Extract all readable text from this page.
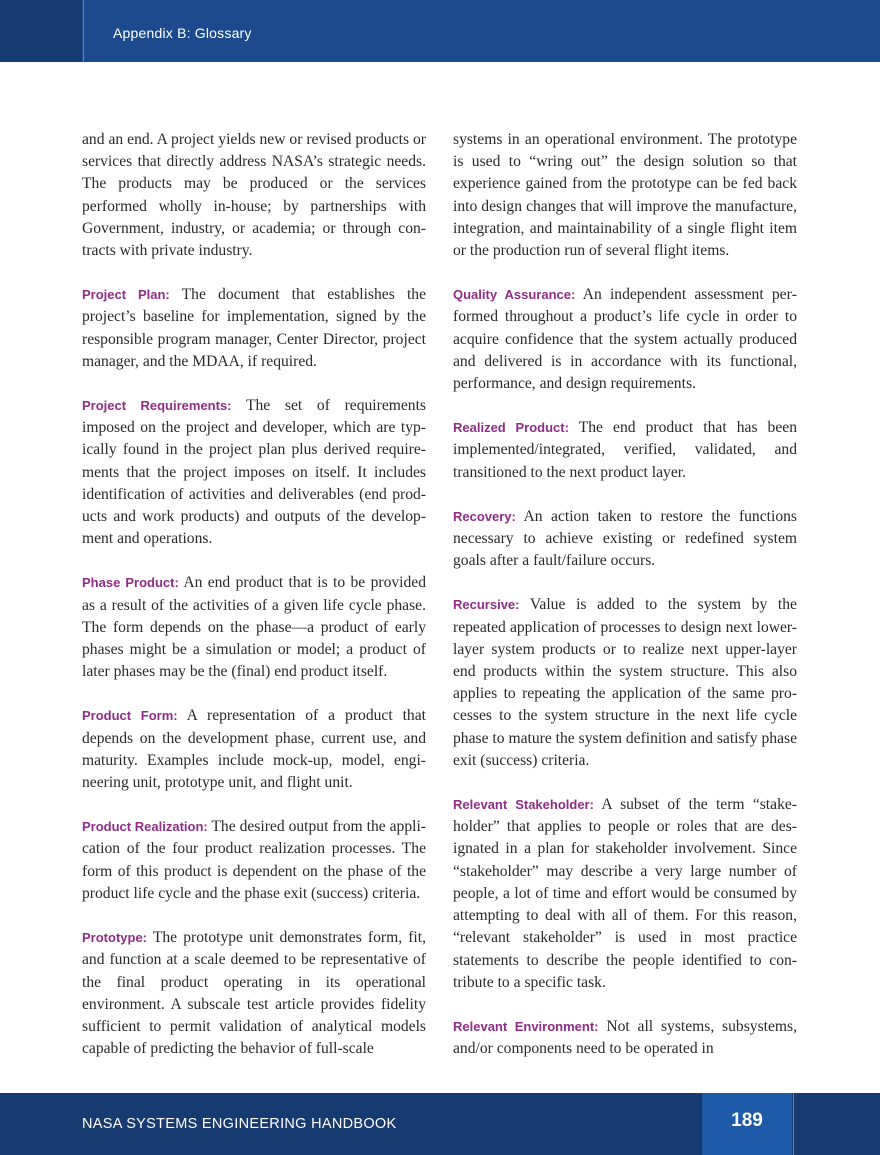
Appendix B: Glossary

and an end. A project yields new or revised products or services that directly address NASA’s strategic needs. The products may be produced or the services performed wholly in-house; by partnerships with Government, industry, or academia; or through contracts with private industry.

Project Plan: The document that establishes the project’s baseline for implementation, signed by the responsible program manager, Center Director, project manager, and the MDAA, if required.

Project Requirements: The set of requirements imposed on the project and developer, which are typically found in the project plan plus derived requirements that the project imposes on itself. It includes identification of activities and deliverables (end products and work products) and outputs of the development and operations.

Phase Product: An end product that is to be provided as a result of the activities of a given life cycle phase. The form depends on the phase—a product of early phases might be a simulation or model; a product of later phases may be the (final) end product itself.

Product Form: A representation of a product that depends on the development phase, current use, and maturity. Examples include mock-up, model, engineering unit, prototype unit, and flight unit.

Product Realization: The desired output from the application of the four product realization processes. The form of this product is dependent on the phase of the product life cycle and the phase exit (success) criteria.

Prototype: The prototype unit demonstrates form, fit, and function at a scale deemed to be representative of the final product operating in its operational environment. A subscale test article provides fidelity sufficient to permit validation of analytical models capable of predicting the behavior of full-scale

systems in an operational environment. The prototype is used to “wring out” the design solution so that experience gained from the prototype can be fed back into design changes that will improve the manufacture, integration, and maintainability of a single flight item or the production run of several flight items.

Quality Assurance: An independent assessment performed throughout a product’s life cycle in order to acquire confidence that the system actually produced and delivered is in accordance with its functional, performance, and design requirements.

Realized Product: The end product that has been implemented/integrated, verified, validated, and transitioned to the next product layer.

Recovery: An action taken to restore the functions necessary to achieve existing or redefined system goals after a fault/failure occurs.

Recursive: Value is added to the system by the repeated application of processes to design next lower-layer system products or to realize next upper-layer end products within the system structure. This also applies to repeating the application of the same processes to the system structure in the next life cycle phase to mature the system definition and satisfy phase exit (success) criteria.

Relevant Stakeholder: A subset of the term “stakeholder” that applies to people or roles that are designated in a plan for stakeholder involvement. Since “stakeholder” may describe a very large number of people, a lot of time and effort would be consumed by attempting to deal with all of them. For this reason, “relevant stakeholder” is used in most practice statements to describe the people identified to contribute to a specific task.

Relevant Environment: Not all systems, subsystems, and/or components need to be operated in

NASA SYSTEMS ENGINEERING HANDBOOK	189
